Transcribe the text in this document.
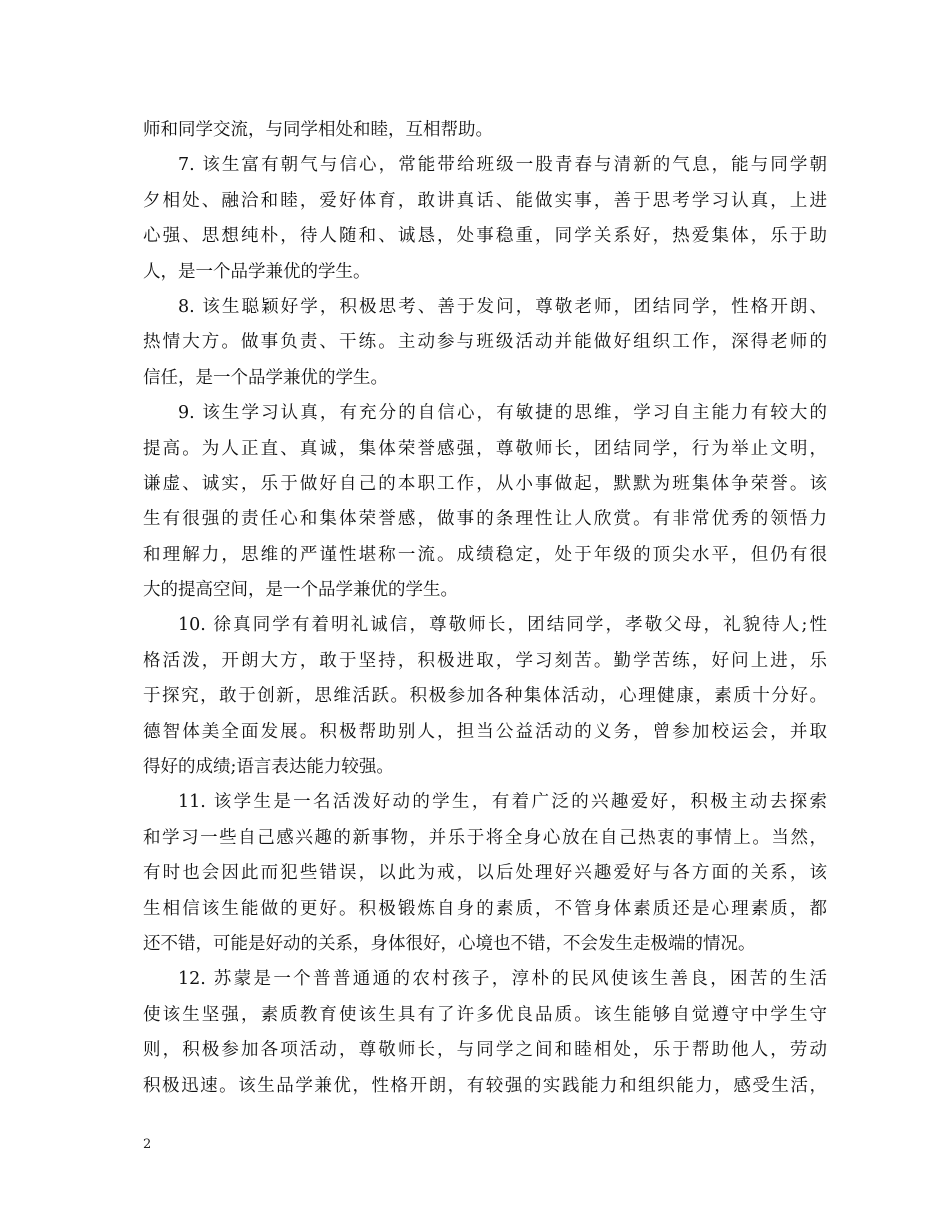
师和同学交流，与同学相处和睦，互相帮助。
7. 该生富有朝气与信心，常能带给班级一股青春与清新的气息，能与同学朝
夕相处、融洽和睦，爱好体育，敢讲真话、能做实事，善于思考学习认真，上进
心强、思想纯朴，待人随和、诚恳，处事稳重，同学关系好，热爱集体，乐于助
人，是一个品学兼优的学生。
8. 该生聪颖好学，积极思考、善于发问，尊敬老师，团结同学，性格开朗、
热情大方。做事负责、干练。主动参与班级活动并能做好组织工作，深得老师的
信任，是一个品学兼优的学生。
9. 该生学习认真，有充分的自信心，有敏捷的思维，学习自主能力有较大的
提高。为人正直、真诚，集体荣誉感强，尊敬师长，团结同学，行为举止文明，
谦虚、诚实，乐于做好自己的本职工作，从小事做起，默默为班集体争荣誉。该
生有很强的责任心和集体荣誉感，做事的条理性让人欣赏。有非常优秀的领悟力
和理解力，思维的严谨性堪称一流。成绩稳定，处于年级的顶尖水平，但仍有很
大的提高空间，是一个品学兼优的学生。
10. 徐真同学有着明礼诚信，尊敬师长，团结同学，孝敬父母，礼貌待人;性
格活泼，开朗大方，敢于坚持，积极进取，学习刻苦。勤学苦练，好问上进，乐
于探究，敢于创新，思维活跃。积极参加各种集体活动，心理健康，素质十分好。
德智体美全面发展。积极帮助别人，担当公益活动的义务，曾参加校运会，并取
得好的成绩;语言表达能力较强。
11. 该学生是一名活泼好动的学生，有着广泛的兴趣爱好，积极主动去探索
和学习一些自己感兴趣的新事物，并乐于将全身心放在自己热衷的事情上。当然，
有时也会因此而犯些错误，以此为戒，以后处理好兴趣爱好与各方面的关系，该
生相信该生能做的更好。积极锻炼自身的素质，不管身体素质还是心理素质，都
还不错，可能是好动的关系，身体很好，心境也不错，不会发生走极端的情况。
12. 苏蒙是一个普普通通的农村孩子，淳朴的民风使该生善良，困苦的生活
使该生坚强，素质教育使该生具有了许多优良品质。该生能够自觉遵守中学生守
则，积极参加各项活动，尊敬师长，与同学之间和睦相处，乐于帮助他人，劳动
积极迅速。该生品学兼优，性格开朗，有较强的实践能力和组织能力，感受生活，
2
